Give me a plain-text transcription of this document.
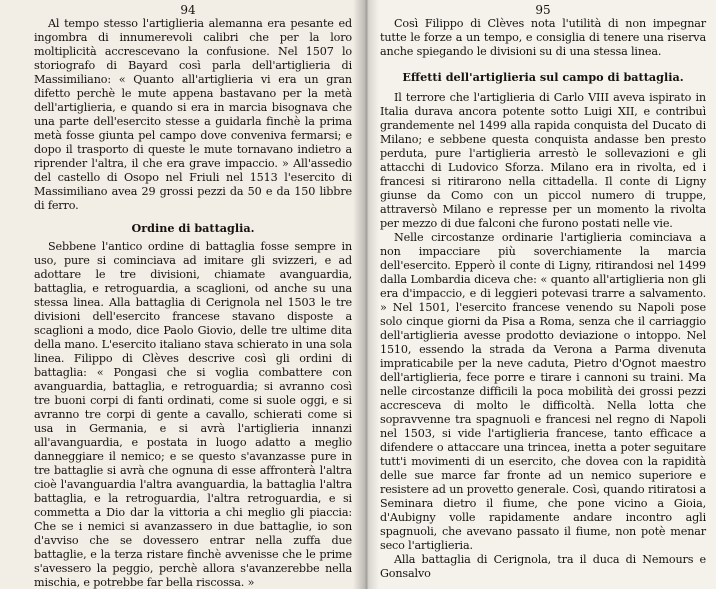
94

Al tempo stesso l'artiglieria alemanna era pesante ed ingombra di innumerevoli calibri che per la loro moltiplicità accrescevano la confusione. Nel 1507 lo storiografo di Bayard così parla dell'artiglieria di Massimiliano: « Quanto all'artiglieria vi era un gran difetto perchè le mute appena bastavano per la metà dell'artiglieria, e quando si era in marcia bisognava che una parte dell'esercito stesse a guidarla finchè la prima metà fosse giunta pel campo dove conveniva fermarsi; e dopo il trasporto di queste le mute tornavano indietro a riprender l'altra, il che era grave impaccio. » All'assedio del castello di Osopo nel Friuli nel 1513 l'esercito di Massimiliano avea 29 grossi pezzi da 50 e da 150 libbre di ferro.

Ordine di battaglia.

Sebbene l'antico ordine di battaglia fosse sempre in uso, pure si cominciava ad imitare gli svizzeri, e ad adottare le tre divisioni, chiamate avanguardia, battaglia, e retroguardia, a scaglioni, od anche su una stessa linea. Alla battaglia di Cerignola nel 1503 le tre divisioni dell'esercito francese stavano disposte a scaglioni a modo, dice Paolo Giovio, delle tre ultime dita della mano. L'esercito italiano stava schierato in una sola linea. Filippo di Clèves descrive così gli ordini di battaglia: « Pongasi che si voglia combattere con avanguardia, battaglia, e retroguardia; si avranno così tre buoni corpi di fanti ordinati, come si suole oggi, e si avranno tre corpi di gente a cavallo, schierati come si usa in Germania, e si avrà l'artiglieria innanzi all'avanguardia, e postata in luogo adatto a meglio danneggiare il nemico; e se questo s'avanzasse pure in tre battaglie si avrà che ognuna di esse affronterà l'altra cioè l'avanguardia l'altra avanguardia, la battaglia l'altra battaglia, e la retroguardia, l'altra retroguardia, e si commetta a Dio dar la vittoria a chi meglio gli piaccia: Che se i nemici si avanzassero in due battaglie, io son d'avviso che se dovessero entrar nella zuffa due battaglie, e la terza ristare finchè avvenisse che le prime s'avessero la peggio, perchè allora s'avanzerebbe nella mischia, e potrebbe far bella riscossa. »

95

Così Filippo di Clèves nota l'utilità di non impegnar tutte le forze a un tempo, e consiglia di tenere una riserva anche spiegando le divisioni su di una stessa linea.

Effetti dell'artiglieria sul campo di battaglia.

Il terrore che l'artiglieria di Carlo VIII aveva ispirato in Italia durava ancora potente sotto Luigi XII, e contribuì grandemente nel 1499 alla rapida conquista del Ducato di Milano; e sebbene questa conquista andasse ben presto perduta, pure l'artiglieria arrestò le sollevazioni e gli attacchi di Ludovico Sforza. Milano era in rivolta, ed i francesi si ritirarono nella cittadella. Il conte di Ligny giunse da Como con un piccol numero di truppe, attraversò Milano e represse per un momento la rivolta per mezzo di due falconi che furono postati nelle vie.

Nelle circostanze ordinarie l'artiglieria cominciava a non impacciare più soverchiamente la marcia dell'esercito. Epperò il conte di Ligny, ritirandosi nel 1499 dalla Lombardia diceva che: « quanto all'artiglieria non gli era d'impaccio, e di leggieri potevasi trarre a salvamento. » Nel 1501, l'esercito francese venendo su Napoli pose solo cinque giorni da Pisa a Roma, senza che il carriaggio dell'artiglieria avesse prodotto deviazione o intoppo. Nel 1510, essendo la strada da Verona a Parma divenuta impraticabile per la neve caduta, Pietro d'Ognot maestro dell'artiglieria, fece porre e tirare i cannoni su traini. Ma nelle circostanze difficili la poca mobilità dei grossi pezzi accresceva di molto le difficoltà. Nella lotta che sopravvenne tra spagnuoli e francesi nel regno di Napoli nel 1503, si vide l'artiglieria francese, tanto efficace a difendere o attaccare una trincea, inetta a poter seguitare tutt'i movimenti di un esercito, che dovea con la rapidità delle sue marce far fronte ad un nemico superiore e resistere ad un provetto generale. Così, quando ritiratosi a Seminara dietro il fiume, che pone vicino a Gioia, d'Aubigny volle rapidamente andare incontro agli spagnuoli, che avevano passato il fiume, non potè menar seco l'artiglieria.

Alla battaglia di Cerignola, tra il duca di Nemours e Gonsalvo
